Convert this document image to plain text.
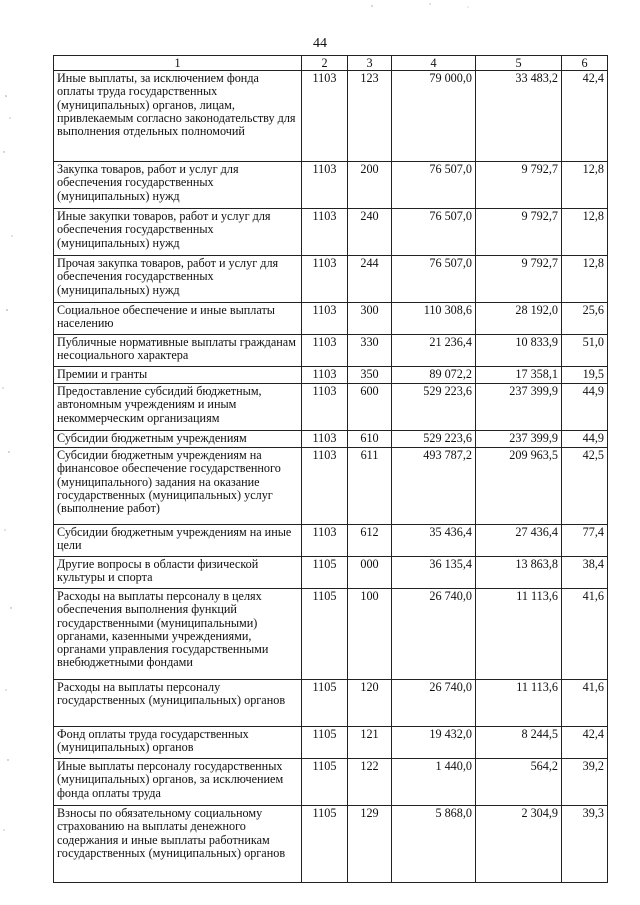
44
1	2	3	4	5	6
Иные выплаты, за исключением фонда оплаты труда государственных (муниципальных) органов, лицам, привлекаемым согласно законодательству для выполнения отдельных полномочий	1103	123	79 000,0	33 483,2	42,4
Закупка товаров, работ и услуг для обеспечения государственных (муниципальных) нужд	1103	200	76 507,0	9 792,7	12,8
Иные закупки товаров, работ и услуг для обеспечения государственных (муниципальных) нужд	1103	240	76 507,0	9 792,7	12,8
Прочая закупка товаров, работ и услуг для обеспечения государственных (муниципальных) нужд	1103	244	76 507,0	9 792,7	12,8
Социальное обеспечение и иные выплаты населению	1103	300	110 308,6	28 192,0	25,6
Публичные нормативные выплаты гражданам несоциального характера	1103	330	21 236,4	10 833,9	51,0
Премии и гранты	1103	350	89 072,2	17 358,1	19,5
Предоставление субсидий бюджетным, автономным учреждениям и иным некоммерческим организациям	1103	600	529 223,6	237 399,9	44,9
Субсидии бюджетным учреждениям	1103	610	529 223,6	237 399,9	44,9
Субсидии бюджетным учреждениям на финансовое обеспечение государственного (муниципального) задания на оказание государственных (муниципальных) услуг (выполнение работ)	1103	611	493 787,2	209 963,5	42,5
Субсидии бюджетным учреждениям на иные цели	1103	612	35 436,4	27 436,4	77,4
Другие вопросы в области физической культуры и спорта	1105	000	36 135,4	13 863,8	38,4
Расходы на выплаты персоналу в целях обеспечения выполнения функций государственными (муниципальными) органами, казенными учреждениями, органами управления государственными внебюджетными фондами	1105	100	26 740,0	11 113,6	41,6
Расходы на выплаты персоналу государственных (муниципальных) органов	1105	120	26 740,0	11 113,6	41,6
Фонд оплаты труда государственных (муниципальных) органов	1105	121	19 432,0	8 244,5	42,4
Иные выплаты персоналу государственных (муниципальных) органов, за исключением фонда оплаты труда	1105	122	1 440,0	564,2	39,2
Взносы по обязательному социальному страхованию на выплаты денежного содержания и иные выплаты работникам государственных (муниципальных) органов	1105	129	5 868,0	2 304,9	39,3
